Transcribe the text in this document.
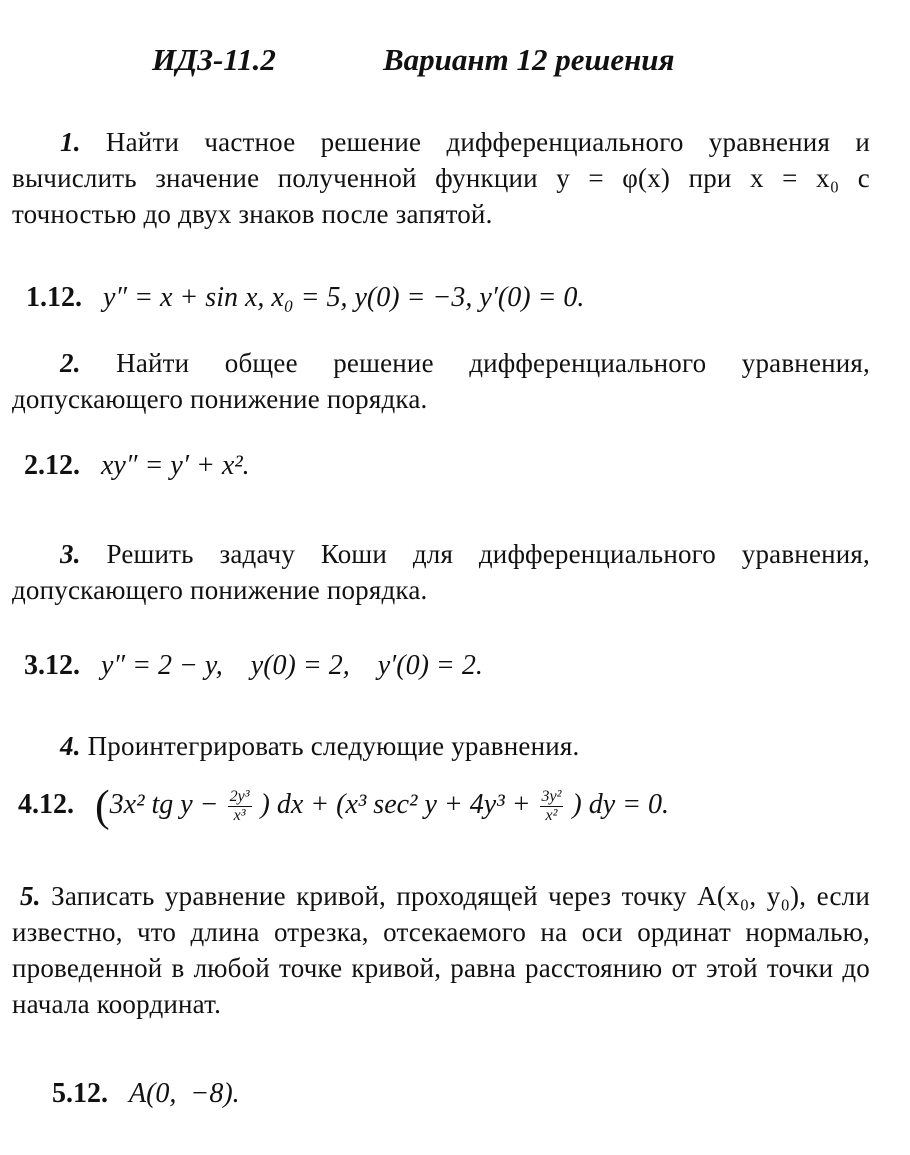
ИДЗ-11.2	Вариант 12 решения
1. Найти частное решение дифференциального уравнения и вычислить значение полученной функции y = φ(x) при x = x₀ с точностью до двух знаков после запятой.
1.12. y″ = x + sin x, x₀ = 5, y(0) = −3, y′(0) = 0.
2. Найти общее решение дифференциального уравнения, допускающего понижение порядка.
2.12. xy″ = y′ + x².
3. Решить задачу Коши для дифференциального уравнения, допускающего понижение порядка.
3.12. y″ = 2 − y,    y(0) = 2,    y′(0) = 2.
4. Проинтегрировать следующие уравнения.
4.12. (3x² tg $y - \frac{\text{2y³}}{\text{x³}}$ ) dx + (x³ sec² $y + 4y^3 + \frac{\text{3y²}}{\text{x²}}$ ) dy = 0.
5. Записать уравнение кривой, проходящей через точку A(x₀, y₀), если известно, что длина отрезка, отсекаемого на оси ординат нормалью, проведенной в любой точке кривой, равна расстоянию от этой точки до начала координат.
5.12. A(0,  −8).
